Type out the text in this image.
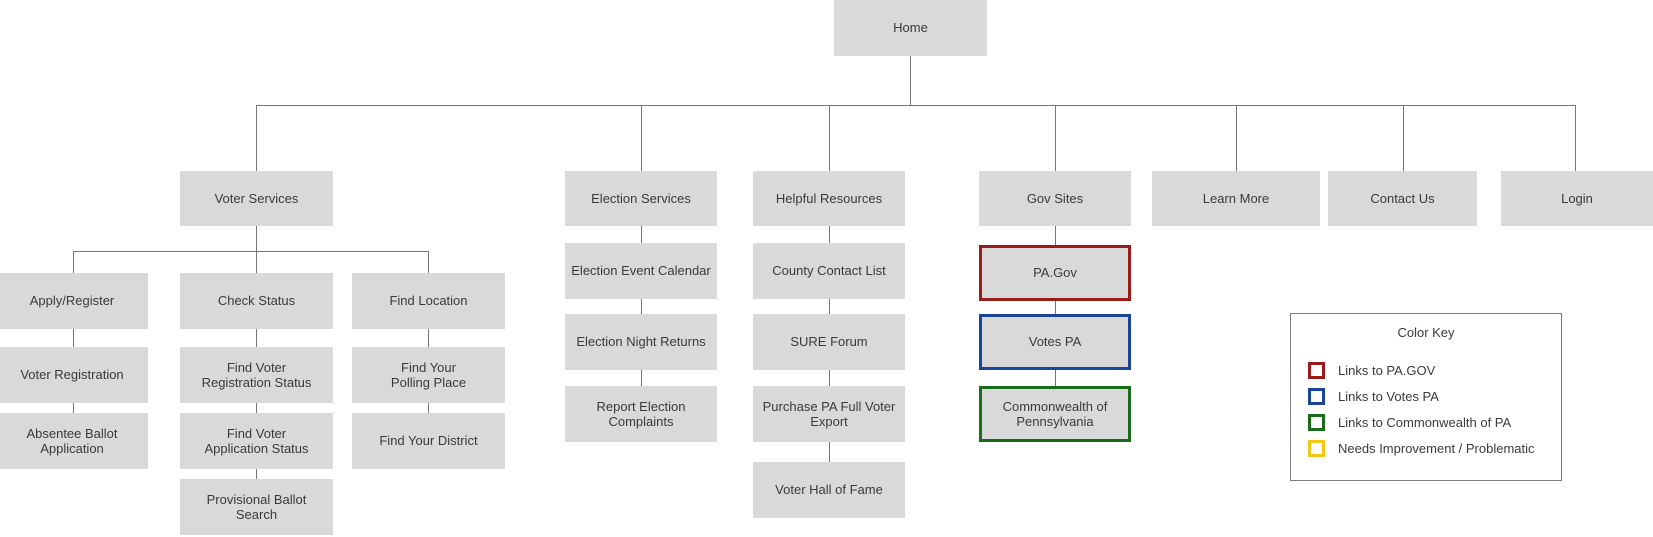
Home
Voter Services	Election Services	Helpful Resources	Gov Sites	Learn More	Contact Us	Login
Apply/Register	Check Status	Find Location
Voter Registration
Find Voter Registration Status
Find Your Polling Place
Absentee Ballot Application
Find Voter Application Status
Find Your District
Provisional Ballot Search
Election Event Calendar
Election Night Returns
Report Election Complaints
County Contact List
SURE Forum
Purchase PA Full Voter Export
Voter Hall of Fame
PA.Gov
Votes PA
Commonwealth of Pennsylvania
Color Key
Links to PA.GOV
Links to Votes PA
Links to Commonwealth of PA
Needs Improvement / Problematic
